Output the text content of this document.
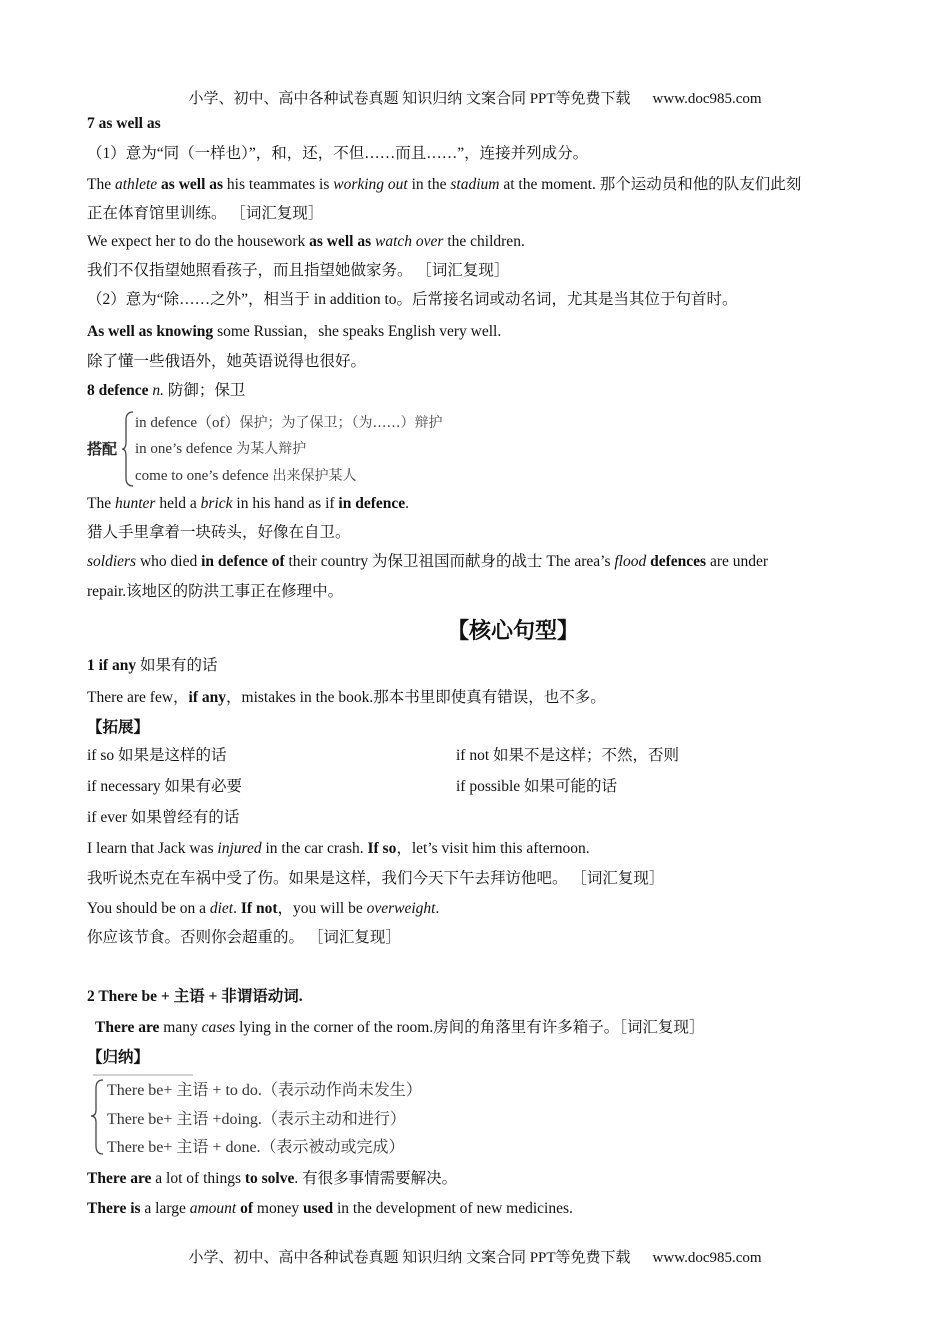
小学、初中、高中各种试卷真题 知识归纳 文案合同 PPT等免费下载 www.doc985.com
7 as well as
（1）意为“同（一样也）”，和，还，不但……而且……”，连接并列成分。
The athlete as well as his teammates is working out in the stadium at the moment. 那个运动员和他的队友们此刻
正在体育馆里训练。 ［词汇复现］
We expect her to do the housework as well as watch over the children.
我们不仅指望她照看孩子，而且指望她做家务。 ［词汇复现］
（2）意为“除……之外”，相当于 in addition to。后常接名词或动名词，尤其是当其位于句首时。
As well as knowing some Russian，she speaks English very well.
除了懂一些俄语外，她英语说得也很好。
8 defence n. 防御；保卫
搭配
in defence（of）保护；为了保卫；（为……）辩护
in one’s defence 为某人辩护
come to one’s defence 出来保护某人
The hunter held a brick in his hand as if in defence.
猎人手里拿着一块砖头，好像在自卫。
soldiers who died in defence of their country 为保卫祖国而献身的战士 The area’s flood defences are under
repair.该地区的防洪工事正在修理中。
【核心句型】
1 if any 如果有的话
There are few，if any，mistakes in the book.那本书里即使真有错误，也不多。
【拓展】
if so 如果是这样的话	if not 如果不是这样；不然，否则
if necessary 如果有必要	if possible 如果可能的话
if ever 如果曾经有的话
I learn that Jack was injured in the car crash. If so，let’s visit him this afternoon.
我听说杰克在车祸中受了伤。如果是这样，我们今天下午去拜访他吧。 ［词汇复现］
You should be on a diet. If not，you will be overweight.
你应该节食。否则你会超重的。 ［词汇复现］
2 There be + 主语 + 非谓语动词.
There are many cases lying in the corner of the room.房间的角落里有许多箱子。［词汇复现］
【归纳】
There be+ 主语 + to do.（表示动作尚未发生）
There be+ 主语 +doing.（表示主动和进行）
There be+ 主语 + done.（表示被动或完成）
There are a lot of things to solve. 有很多事情需要解决。
There is a large amount of money used in the development of new medicines.
小学、初中、高中各种试卷真题 知识归纳 文案合同 PPT等免费下载 www.doc985.com
